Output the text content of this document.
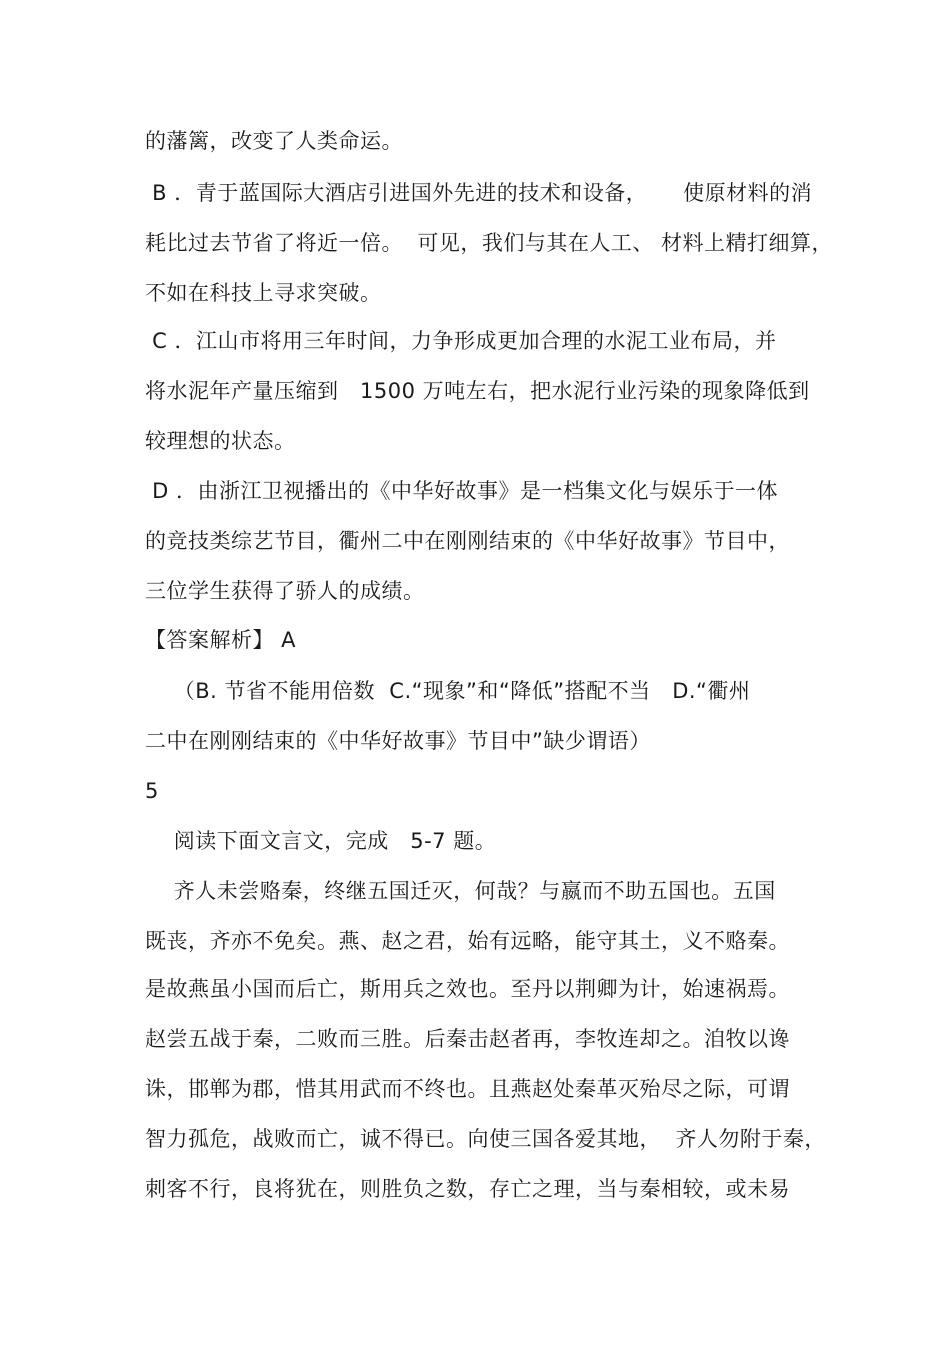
的藩篱，改变了人类命运。
B ．青于蓝国际大酒店引进国外先进的技术和设备，     使原材料的消
耗比过去节省了将近一倍。  可见，我们与其在人工、 材料上精打细算，
不如在科技上寻求突破。
C ．江山市将用三年时间，力争形成更加合理的水泥工业布局，并
将水泥年产量压缩到   1500 万吨左右，把水泥行业污染的现象降低到
较理想的状态。
D ．由浙江卫视播出的《中华好故事》是一档集文化与娱乐于一体
的竞技类综艺节目，衢州二中在刚刚结束的《中华好故事》节目中，
三位学生获得了骄人的成绩。
【答案解析】 A
（B. 节省不能用倍数  C.“现象”和“降低”搭配不当   D.“衢州
二中在刚刚结束的《中华好故事》节目中”缺少谓语）
5
阅读下面文言文，完成   5-7 题。
齐人未尝赂秦，终继五国迁灭，何哉？与嬴而不助五国也。五国
既丧，齐亦不免矣。燕、赵之君，始有远略，能守其土，义不赂秦。
是故燕虽小国而后亡，斯用兵之效也。至丹以荆卿为计，始速祸焉。
赵尝五战于秦，二败而三胜。后秦击赵者再，李牧连却之。洎牧以谗
诛，邯郸为郡，惜其用武而不终也。且燕赵处秦革灭殆尽之际，可谓
智力孤危，战败而亡，诚不得已。向使三国各爱其地，  齐人勿附于秦，
刺客不行，良将犹在，则胜负之数，存亡之理，当与秦相较，或未易
